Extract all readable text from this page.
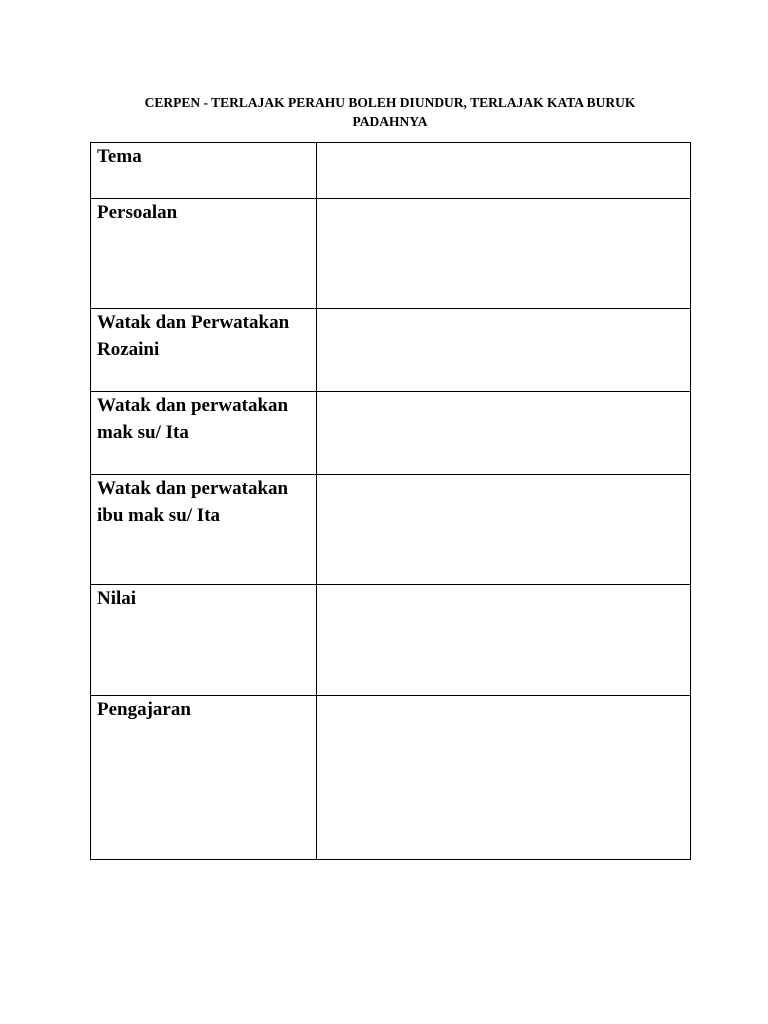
CERPEN - TERLAJAK PERAHU BOLEH DIUNDUR, TERLAJAK KATA BURUK
PADAHNYA
Tema	

Persoalan	

Watak dan Perwatakan Rozaini	

Watak dan perwatakan mak su/ Ita	

Watak dan perwatakan ibu mak su/ Ita	

Nilai	

Pengajaran	
